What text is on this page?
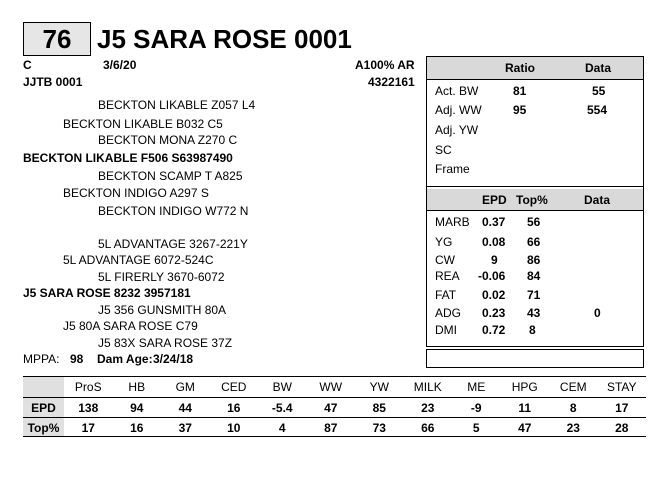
76 J5 SARA ROSE 0001
C	3/6/20	A100% AR
JJTB 0001	4322161
BECKTON LIKABLE Z057 L4
BECKTON LIKABLE B032 C5
BECKTON MONA Z270 C
BECKTON LIKABLE F506 S63987490
BECKTON SCAMP T A825
BECKTON INDIGO A297 S
BECKTON INDIGO W772 N
5L ADVANTAGE 3267-221Y
5L ADVANTAGE 6072-524C
5L FIRERLY 3670-6072
J5 SARA ROSE 8232 3957181
J5 356 GUNSMITH 80A
J5 80A SARA ROSE C79
J5 83X SARA ROSE 37Z
MPPA: 98 Dam Age: 3/24/18
Ratio	Data
Act. BW	81	55
Adj. WW	95	554
Adj. YW
SC
Frame
EPD Top%	Data
MARB 0.37 56
YG 0.08 66
CW	9 86
REA -0.06 84
FAT 0.02 71
ADG 0.23 43	0
DMI 0.72 8
ProS	HB	GM	CED	BW	WW	YW	MILK	ME	HPG	CEM	STAY
EPD	138	94	44	16	-5.4	47	85	23	-9	11	8	17
Top%	17	16	37	10	4	87	73	66	5	47	23	28
